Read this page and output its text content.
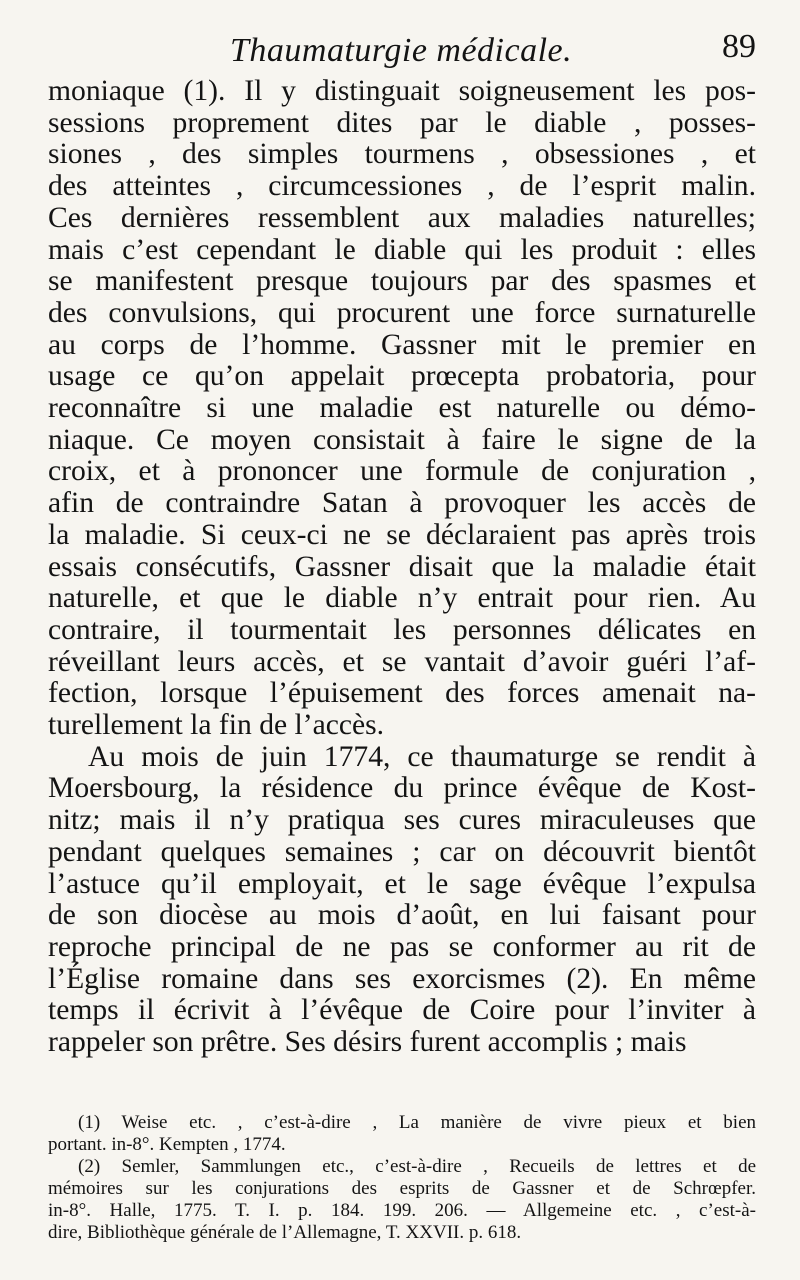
Thaumaturgie médicale.	89
moniaque (1). Il y distinguait soigneusement les pos-
sessions proprement dites par le diable , posses-
siones , des simples tourmens , obsessiones , et
des atteintes , circumcessiones , de l’esprit malin.
Ces dernières ressemblent aux maladies naturelles;
mais c’est cependant le diable qui les produit : elles
se manifestent presque toujours par des spasmes et
des convulsions, qui procurent une force surnaturelle
au corps de l’homme. Gassner mit le premier en
usage ce qu’on appelait prœcepta probatoria, pour
reconnaître si une maladie est naturelle ou démo-
niaque. Ce moyen consistait à faire le signe de la
croix, et à prononcer une formule de conjuration ,
afin de contraindre Satan à provoquer les accès de
la maladie. Si ceux-ci ne se déclaraient pas après trois
essais consécutifs, Gassner disait que la maladie était
naturelle, et que le diable n’y entrait pour rien. Au
contraire, il tourmentait les personnes délicates en
réveillant leurs accès, et se vantait d’avoir guéri l’af-
fection, lorsque l’épuisement des forces amenait na-
turellement la fin de l’accès.
Au mois de juin 1774, ce thaumaturge se rendit à
Moersbourg, la résidence du prince évêque de Kost-
nitz; mais il n’y pratiqua ses cures miraculeuses que
pendant quelques semaines ; car on découvrit bientôt
l’astuce qu’il employait, et le sage évêque l’expulsa
de son diocèse au mois d’août, en lui faisant pour
reproche principal de ne pas se conformer au rit de
l’Église romaine dans ses exorcismes (2). En même
temps il écrivit à l’évêque de Coire pour l’inviter à
rappeler son prêtre. Ses désirs furent accomplis ; mais
(1) Weise etc. , c’est-à-dire , La manière de vivre pieux et bien
portant. in-8°. Kempten , 1774.
(2) Semler, Sammlungen etc., c’est-à-dire , Recueils de lettres et de
mémoires sur les conjurations des esprits de Gassner et de Schrœpfer.
in-8°. Halle, 1775. T. I. p. 184. 199. 206. — Allgemeine etc. , c’est-à-
dire, Bibliothèque générale de l’Allemagne, T. XXVII. p. 618.
